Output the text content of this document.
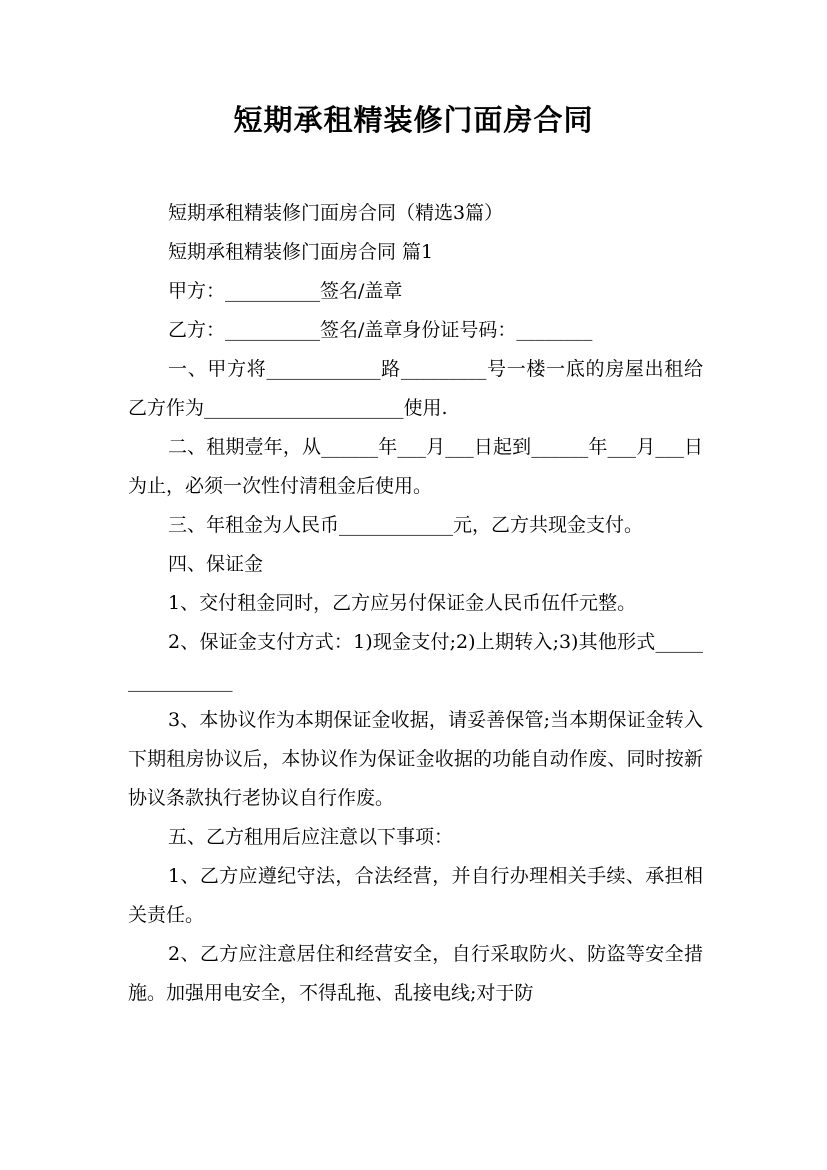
短期承租精装修门面房合同

短期承租精装修门面房合同（精选3篇）

短期承租精装修门面房合同 篇1

甲方：__________签名/盖章

乙方：__________签名/盖章身份证号码：________

一、甲方将____________路_________号一楼一底的房屋出租给乙方作为_____________________使用.

二、租期壹年，从______年___月___日起到______年___月___日为止，必须一次性付清租金后使用。

三、年租金为人民币____________元，乙方共现金支付。

四、保证金

1、交付租金同时，乙方应另付保证金人民币伍仟元整。

2、保证金支付方式：1)现金支付;2)上期转入;3)其他形式________________

3、本协议作为本期保证金收据，请妥善保管;当本期保证金转入下期租房协议后，本协议作为保证金收据的功能自动作废、同时按新协议条款执行老协议自行作废。

五、乙方租用后应注意以下事项：

1、乙方应遵纪守法，合法经营，并自行办理相关手续、承担相关责任。

2、乙方应注意居住和经营安全，自行采取防火、防盗等安全措施。加强用电安全，不得乱拖、乱接电线;对于防
